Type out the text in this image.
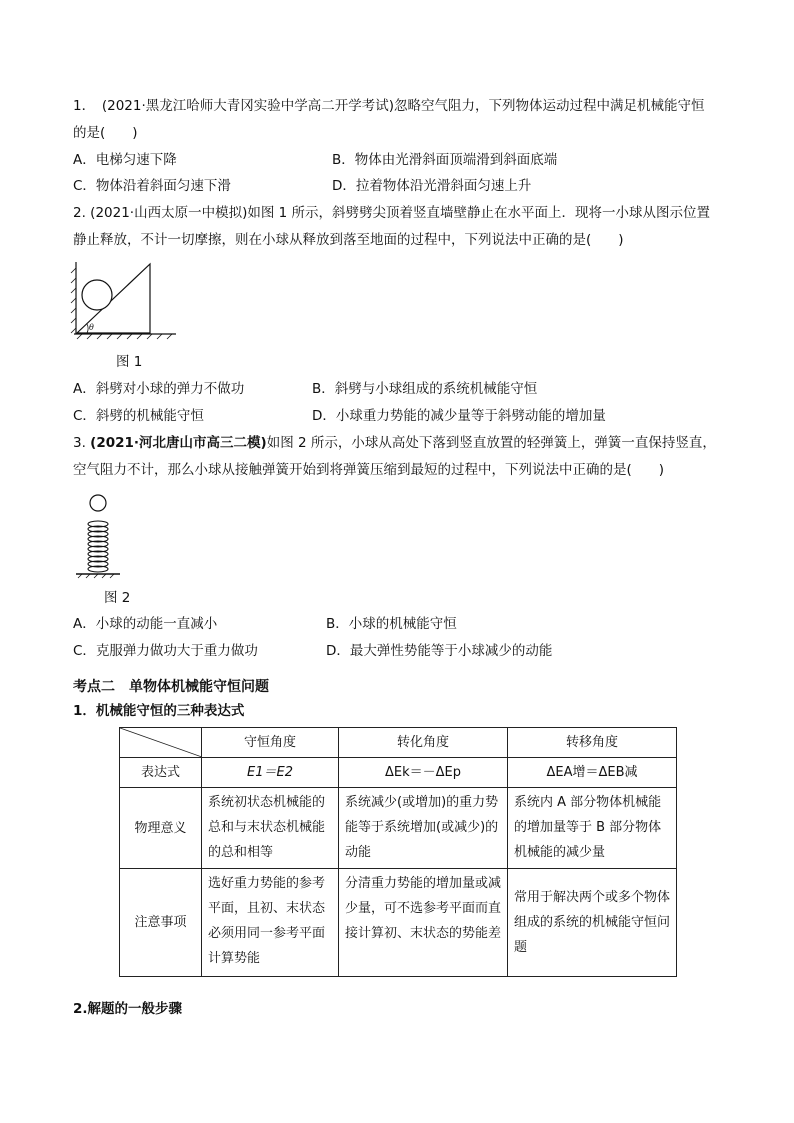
1．　(2021·黑龙江哈师大青冈实验中学高二开学考试)忽略空气阻力，下列物体运动过程中满足机械能守恒
的是(　　)
A．电梯匀速下降	B．物体由光滑斜面顶端滑到斜面底端
C．物体沿着斜面匀速下滑	D．拉着物体沿光滑斜面匀速上升
2. (2021·山西太原一中模拟)如图 1 所示，斜劈劈尖顶着竖直墙壁静止在水平面上．现将一小球从图示位置
静止释放，不计一切摩擦，则在小球从释放到落至地面的过程中，下列说法中正确的是(　　)
θ
图 1
A．斜劈对小球的弹力不做功	B．斜劈与小球组成的系统机械能守恒
C．斜劈的机械能守恒	D．小球重力势能的减少量等于斜劈动能的增加量
3. (2021·河北唐山市高三二模)如图 2 所示，小球从高处下落到竖直放置的轻弹簧上，弹簧一直保持竖直，
空气阻力不计，那么小球从接触弹簧开始到将弹簧压缩到最短的过程中，下列说法中正确的是(　　)
图 2
A．小球的动能一直减小	B．小球的机械能守恒
C．克服弹力做功大于重力做功	D．最大弹性势能等于小球减少的动能
考点二　单物体机械能守恒问题
1．机械能守恒的三种表达式
	守恒角度	转化角度	转移角度
表达式	E1＝E2	ΔEk＝－ΔEp	ΔEA增＝ΔEB减
物理意义	系统初状态机械能的总和与末状态机械能的总和相等	系统减少(或增加)的重力势能等于系统增加(或减少)的动能	系统内 A 部分物体机械能的增加量等于 B 部分物体机械能的减少量
注意事项	选好重力势能的参考平面，且初、末状态必须用同一参考平面计算势能	分清重力势能的增加量或减少量，可不选参考平面而直接计算初、末状态的势能差	常用于解决两个或多个物体组成的系统的机械能守恒问题
2.解题的一般步骤
